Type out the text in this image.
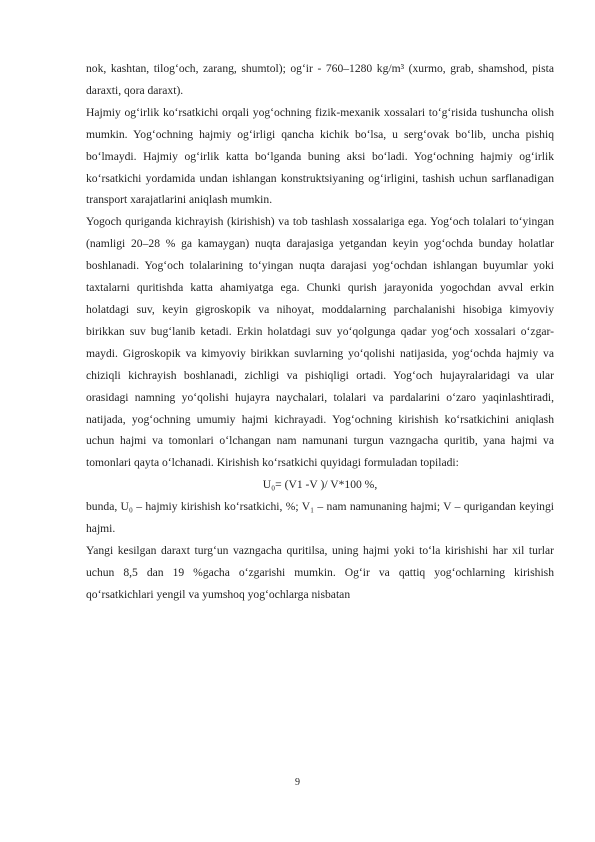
nok, kashtan, tilogʻoch, zarang, shumtol); ogʻir - 760–1280 kg/m³ (xurmo, grab, shamshod, pista daraxti, qora daraxt).

Hajmiy ogʻirlik koʻrsatkichi orqali yogʻochning fizik-mexanik xossalari toʻgʻrisida tushuncha olish mumkin. Yogʻochning hajmiy ogʻirligi qancha kichik boʻlsa, u sergʻovak boʻlib, uncha pishiq boʻlmaydi. Hajmiy ogʻirlik katta boʻlganda buning aksi boʻladi. Yogʻochning hajmiy ogʻirlik koʻrsatkichi yordamida undan ishlangan konstruktsiyaning ogʻirligini, tashish uchun sarflanadigan transport xarajatlarini aniqlash mumkin.

Yogoch quriganda kichrayish (kirishish) va tob tashlash xossalariga ega. Yogʻoch tolalari toʻyingan (namligi 20–28 % ga kamaygan) nuqta darajasiga yetgandan keyin yogʻochda bunday holatlar boshlanadi. Yogʻoch tolalarining toʻyingan nuqta darajasi yogʻochdan ishlangan buyumlar yoki taxtalarni quritishda katta ahamiyatga ega. Chunki qurish jarayonida yogochdan avval erkin holatdagi suv, keyin gigroskopik va nihoyat, moddalarning parchalanishi hisobiga kimyoviy birikkan suv bugʻlanib ketadi. Erkin holatdagi suv yoʻqolgunga qadar yogʻoch xossalari oʻzgar-maydi. Gigroskopik va kimyoviy birikkan suvlarning yoʻqolishi natijasida, yogʻochda hajmiy va chiziqli kichrayish boshlanadi, zichligi va pishiqligi ortadi. Yogʻoch hujayralaridagi va ular orasidagi namning yoʻqolishi hujayra naychalari, tolalari va pardalarini oʻzaro yaqinlashtiradi, natijada, yogʻochning umumiy hajmi kichrayadi. Yogʻochning kirishish koʻrsatkichini aniqlash uchun hajmi va tomonlari oʻlchangan nam namunani turgun vazngacha quritib, yana hajmi va tomonlari qayta oʻlchanadi. Kirishish koʻrsatkichi quyidagi formuladan topiladi:

U₀= (V1 -V )/ V*100 %,

bunda, U₀ – hajmiy kirishish koʻrsatkichi, %; V₁ – nam namunaning hajmi; V – qurigandan keyingi hajmi.

Yangi kesilgan daraxt turgʻun vazngacha quritilsa, uning hajmi yoki toʻla kirishishi har xil turlar uchun 8,5 dan 19 %gacha oʻzgarishi mumkin. Ogʻir va qattiq yogʻochlarning kirishish qoʻrsatkichlari yengil va yumshoq yogʻochlarga nisbatan

9
